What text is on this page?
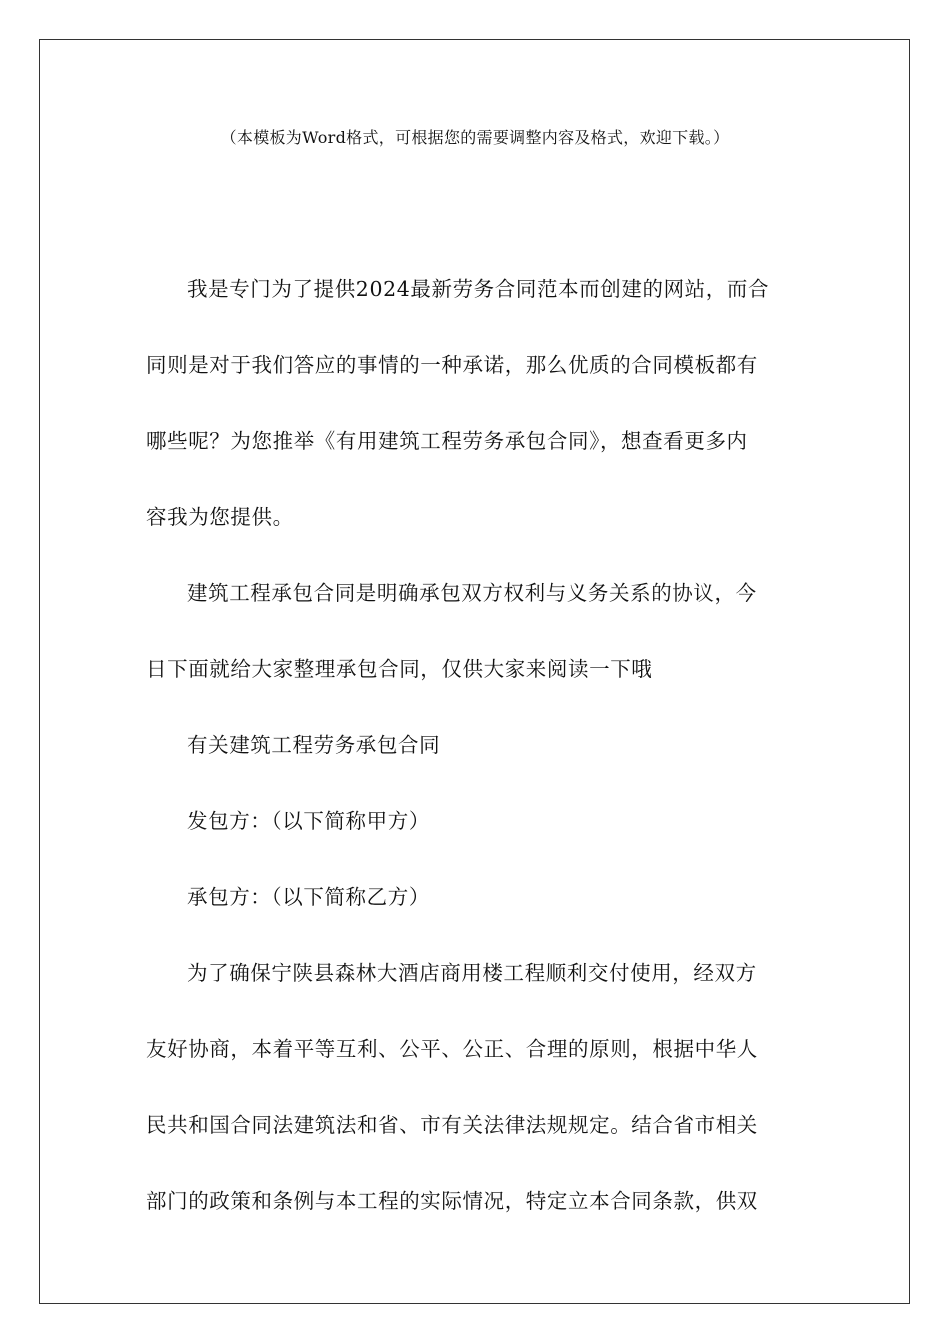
（本模板为Word格式，可根据您的需要调整内容及格式，欢迎下载。）
我是专门为了提供2024最新劳务合同范本而创建的网站，而合
同则是对于我们答应的事情的一种承诺，那么优质的合同模板都有
哪些呢？为您推举《有用建筑工程劳务承包合同》，想查看更多内
容我为您提供。
建筑工程承包合同是明确承包双方权利与义务关系的协议，今
日下面就给大家整理承包合同，仅供大家来阅读一下哦
有关建筑工程劳务承包合同
发包方：（以下简称甲方）
承包方：（以下简称乙方）
为了确保宁陕县森林大酒店商用楼工程顺利交付使用，经双方
友好协商，本着平等互利、公平、公正、合理的原则，根据中华人
民共和国合同法建筑法和省、市有关法律法规规定。结合省市相关
部门的政策和条例与本工程的实际情况，特定立本合同条款，供双
